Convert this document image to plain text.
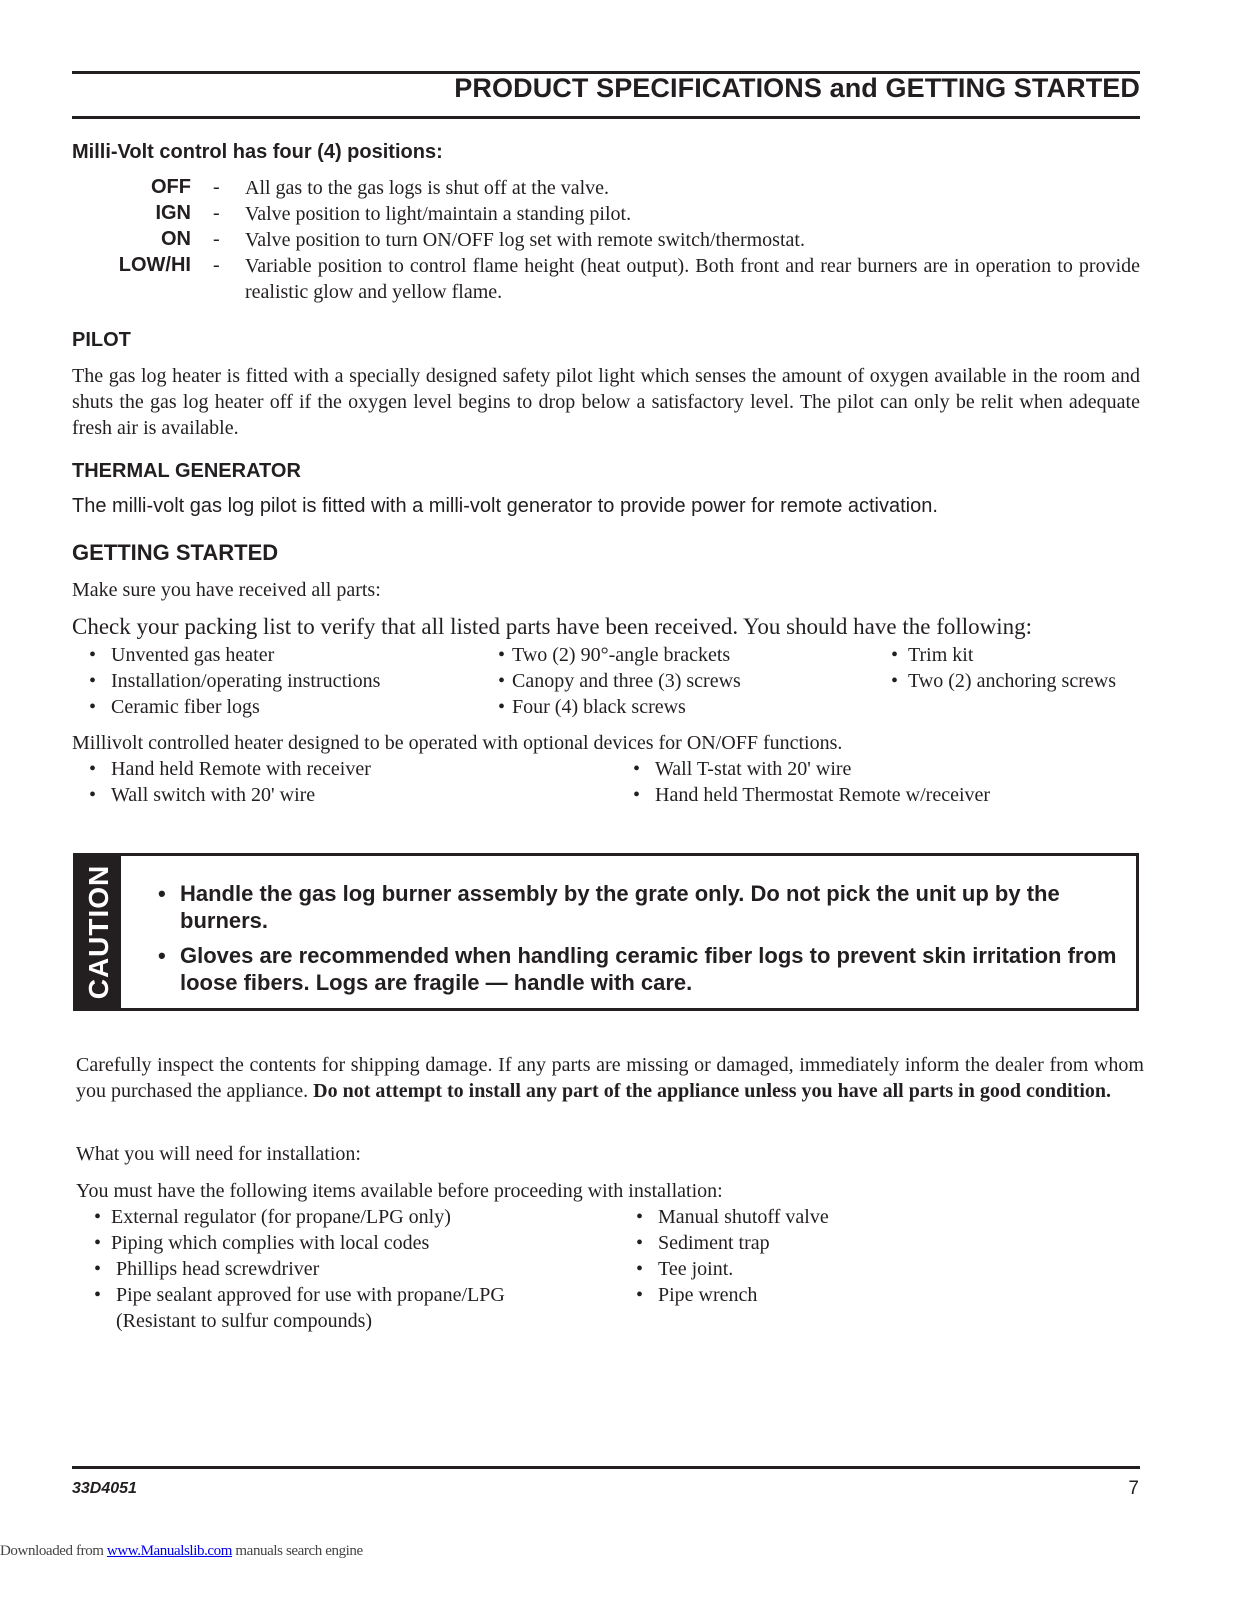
PRODUCT SPECIFICATIONS and GETTING STARTED
Milli-Volt control has four (4) positions:
OFF - All gas to the gas logs is shut off at the valve.
IGN - Valve position to light/maintain a standing pilot.
ON - Valve position to turn ON/OFF log set with remote switch/thermostat.
LOW/HI - Variable position to control flame height (heat output). Both front and rear burners are in operation to provide realistic glow and yellow flame.
PILOT
The gas log heater is fitted with a specially designed safety pilot light which senses the amount of oxygen available in the room and shuts the gas log heater off if the oxygen level begins to drop below a satisfactory level. The pilot can only be relit when adequate fresh air is available.
THERMAL GENERATOR
The milli-volt gas log pilot is fitted with a milli-volt generator to provide power for remote activation.
GETTING STARTED
Make sure you have received all parts:
Check your packing list to verify that all listed parts have been received. You should have the following:
• Unvented gas heater
• Installation/operating instructions
• Ceramic fiber logs
• Two (2) 90°-angle brackets
• Canopy and three (3) screws
• Four (4) black screws
• Trim kit
• Two (2) anchoring screws
Millivolt controlled heater designed to be operated with optional devices for ON/OFF functions.
• Hand held Remote with receiver
• Wall switch with 20' wire
• Wall T-stat with 20' wire
• Hand held Thermostat Remote w/receiver
CAUTION • Handle the gas log burner assembly by the grate only. Do not pick the unit up by the burners.
• Gloves are recommended when handling ceramic fiber logs to prevent skin irritation from loose fibers. Logs are fragile — handle with care.
Carefully inspect the contents for shipping damage. If any parts are missing or damaged, immediately inform the dealer from whom you purchased the appliance. Do not attempt to install any part of the appliance unless you have all parts in good condition.
What you will need for installation:
You must have the following items available before proceeding with installation:
• External regulator (for propane/LPG only)
• Piping which complies with local codes
• Phillips head screwdriver
• Pipe sealant approved for use with propane/LPG
(Resistant to sulfur compounds)
• Manual shutoff valve
• Sediment trap
• Tee joint.
• Pipe wrench
33D4051	7
Downloaded from www.Manualslib.com manuals search engine
